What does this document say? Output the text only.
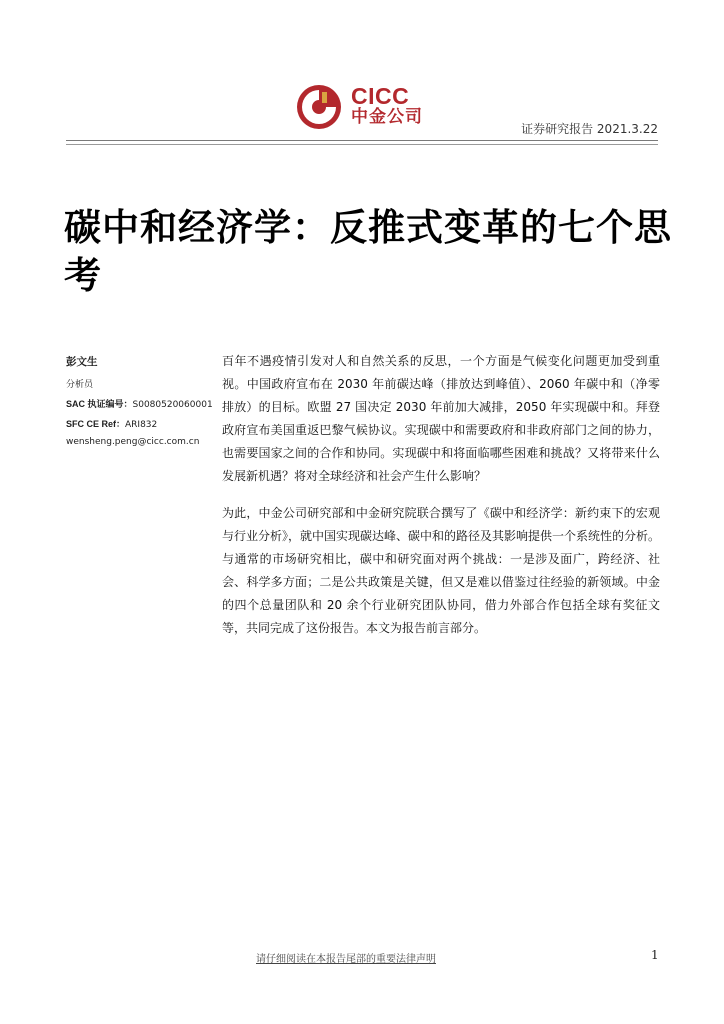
CICC
中金公司
证券研究报告 2021.3.22
碳中和经济学：反推式变革的七个思考
彭文生
分析员
SAC 执证编号：S0080520060001
SFC CE Ref：ARI832
wensheng.peng@cicc.com.cn

百年不遇疫情引发对人和自然关系的反思，一个方面是气候变化问题更加受到重视。中国政府宣布在 2030 年前碳达峰（排放达到峰值）、2060 年碳中和（净零排放）的目标。欧盟 27 国决定 2030 年前加大减排，2050 年实现碳中和。拜登政府宣布美国重返巴黎气候协议。实现碳中和需要政府和非政府部门之间的协力，也需要国家之间的合作和协同。实现碳中和将面临哪些困难和挑战？又将带来什么发展新机遇？将对全球经济和社会产生什么影响？

为此，中金公司研究部和中金研究院联合撰写了《碳中和经济学：新约束下的宏观与行业分析》，就中国实现碳达峰、碳中和的路径及其影响提供一个系统性的分析。与通常的市场研究相比，碳中和研究面对两个挑战：一是涉及面广，跨经济、社会、科学多方面；二是公共政策是关键，但又是难以借鉴过往经验的新领域。中金的四个总量团队和 20 余个行业研究团队协同，借力外部合作包括全球有奖征文等，共同完成了这份报告。本文为报告前言部分。

请仔细阅读在本报告尾部的重要法律声明	1
